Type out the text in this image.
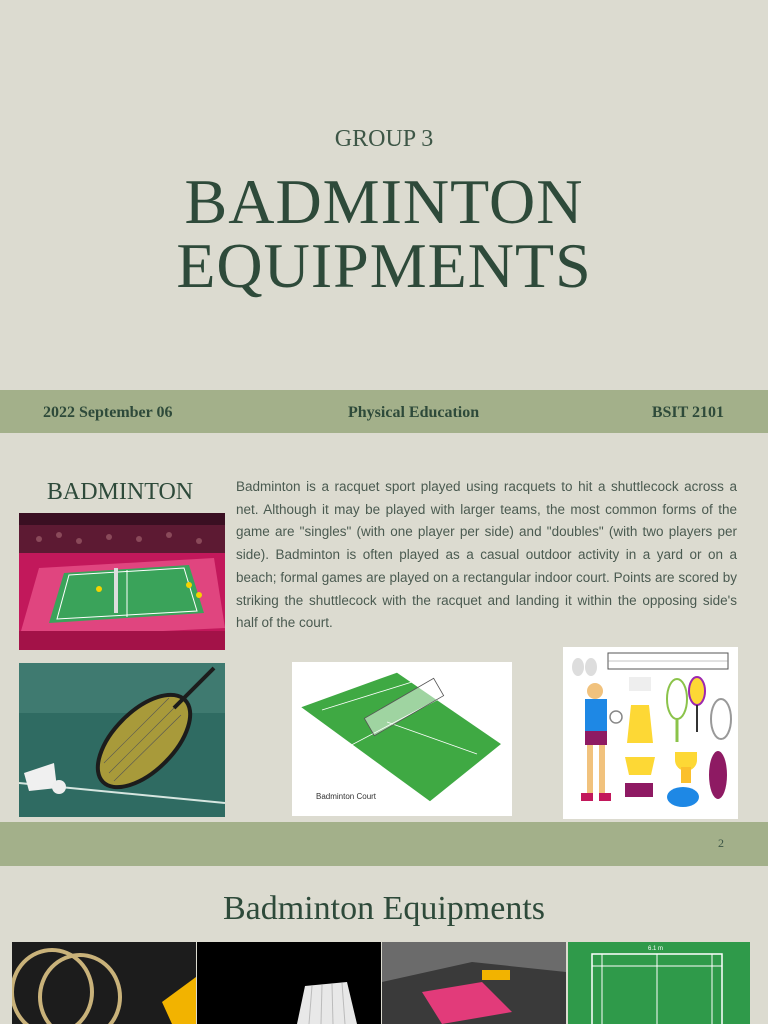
GROUP 3
BADMINTON
EQUIPMENTS
2022 September 06	Physical Education	BSIT 2101
BADMINTON	Badminton is a racquet sport played using racquets to hit a shuttlecock across a net. Although it may be played with larger teams, the most common forms of the game are "singles" (with one player per side) and "doubles" (with two players per side). Badminton is often played as a casual outdoor activity in a yard or on a beach; formal games are played on a rectangular indoor court. Points are scored by striking the shuttlecock with the racquet and landing it within the opposing side's half of the court.
Badminton Court
2
Badminton Equipments
6.1 m
